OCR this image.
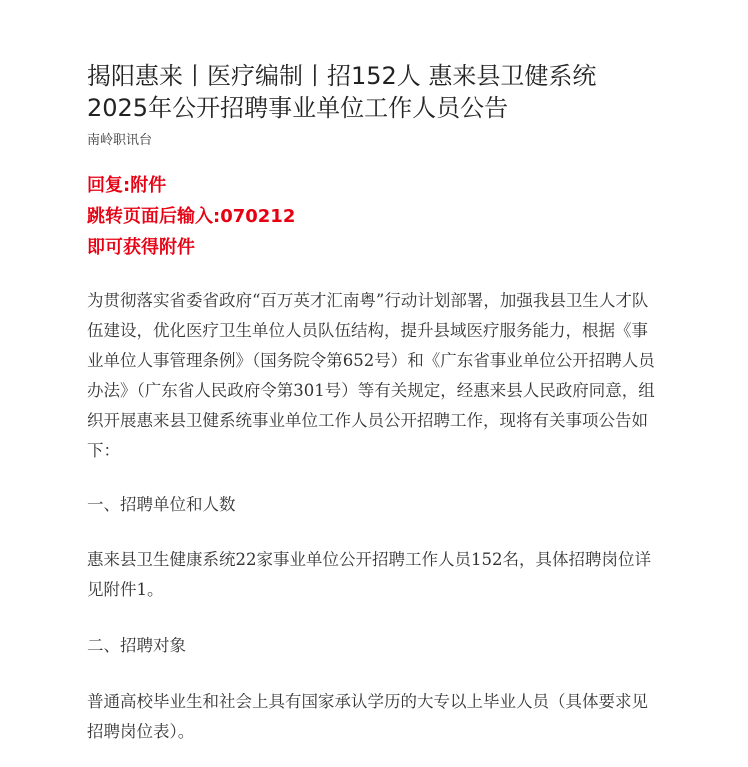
揭阳惠来丨医疗编制丨招152人 惠来县卫健系统2025年公开招聘事业单位工作人员公告
南岭职讯台
回复:附件
跳转页面后输入:070212
即可获得附件

为贯彻落实省委省政府“百万英才汇南粤”行动计划部署，加强我县卫生人才队伍建设，优化医疗卫生单位人员队伍结构，提升县域医疗服务能力，根据《事业单位人事管理条例》（国务院令第652号）和《广东省事业单位公开招聘人员办法》（广东省人民政府令第301号）等有关规定，经惠来县人民政府同意，组织开展惠来县卫健系统事业单位工作人员公开招聘工作，现将有关事项公告如下：

一、招聘单位和人数

惠来县卫生健康系统22家事业单位公开招聘工作人员152名，具体招聘岗位详见附件1。

二、招聘对象

普通高校毕业生和社会上具有国家承认学历的大专以上毕业人员（具体要求见招聘岗位表）。
